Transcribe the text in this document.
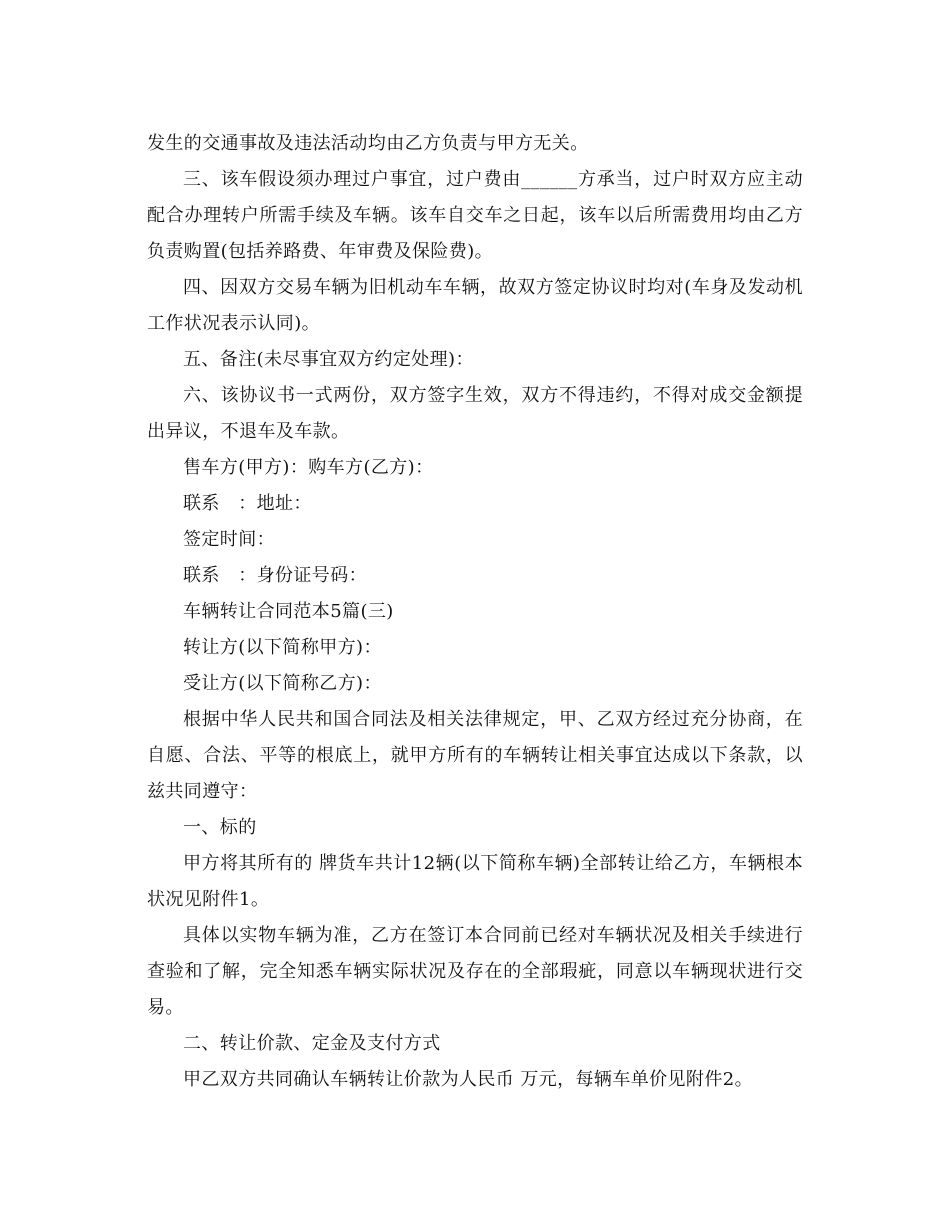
发生的交通事故及违法活动均由乙方负责与甲方无关。

三、该车假设须办理过户事宜，过户费由______方承当，过户时双方应主动配合办理转户所需手续及车辆。该车自交车之日起，该车以后所需费用均由乙方负责购置(包括养路费、年审费及保险费)。

四、因双方交易车辆为旧机动车车辆，故双方签定协议时均对(车身及发动机工作状况表示认同)。

五、备注(未尽事宜双方约定处理)：

六、该协议书一式两份，双方签字生效，双方不得违约，不得对成交金额提出异议，不退车及车款。

售车方(甲方)：购车方(乙方)：

联系　：地址：

签定时间：

联系　：身份证号码：

车辆转让合同范本5篇(三)

转让方(以下简称甲方)：

受让方(以下简称乙方)：

根据中华人民共和国合同法及相关法律规定，甲、乙双方经过充分协商，在自愿、合法、平等的根底上，就甲方所有的车辆转让相关事宜达成以下条款，以兹共同遵守：

一、标的

甲方将其所有的 牌货车共计12辆(以下简称车辆)全部转让给乙方，车辆根本状况见附件1。

具体以实物车辆为准，乙方在签订本合同前已经对车辆状况及相关手续进行查验和了解，完全知悉车辆实际状况及存在的全部瑕疵，同意以车辆现状进行交易。

二、转让价款、定金及支付方式

甲乙双方共同确认车辆转让价款为人民币 万元，每辆车单价见附件2。
